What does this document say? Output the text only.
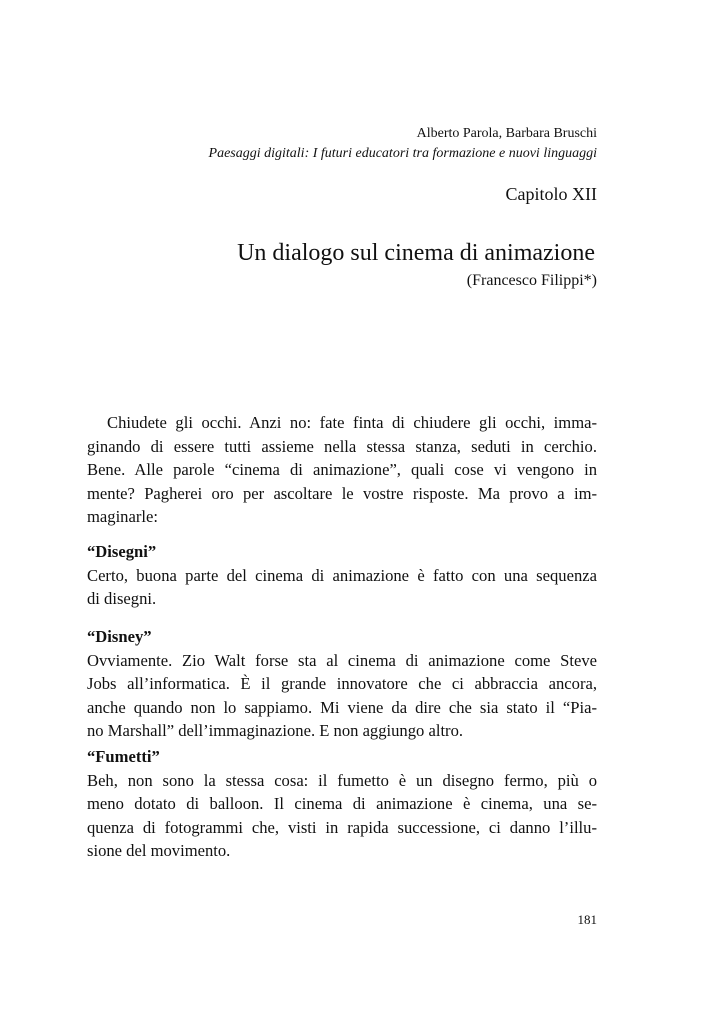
Alberto Parola, Barbara Bruschi
Paesaggi digitali: I futuri educatori tra formazione e nuovi linguaggi
Capitolo XII
Un dialogo sul cinema di animazione
(Francesco Filippi*)
Chiudete gli occhi. Anzi no: fate finta di chiudere gli occhi, imma-
ginando di essere tutti assieme nella stessa stanza, seduti in cerchio.
Bene. Alle parole “cinema di animazione”, quali cose vi vengono in
mente? Pagherei oro per ascoltare le vostre risposte. Ma provo a im-
maginarle:
“Disegni”
Certo, buona parte del cinema di animazione è fatto con una sequenza
di disegni.
“Disney”
Ovviamente. Zio Walt forse sta al cinema di animazione come Steve
Jobs all’informatica. È il grande innovatore che ci abbraccia ancora,
anche quando non lo sappiamo. Mi viene da dire che sia stato il “Pia-
no Marshall” dell’immaginazione. E non aggiungo altro.
“Fumetti”
Beh, non sono la stessa cosa: il fumetto è un disegno fermo, più o
meno dotato di balloon. Il cinema di animazione è cinema, una se-
quenza di fotogrammi che, visti in rapida successione, ci danno l’illu-
sione del movimento.
181
